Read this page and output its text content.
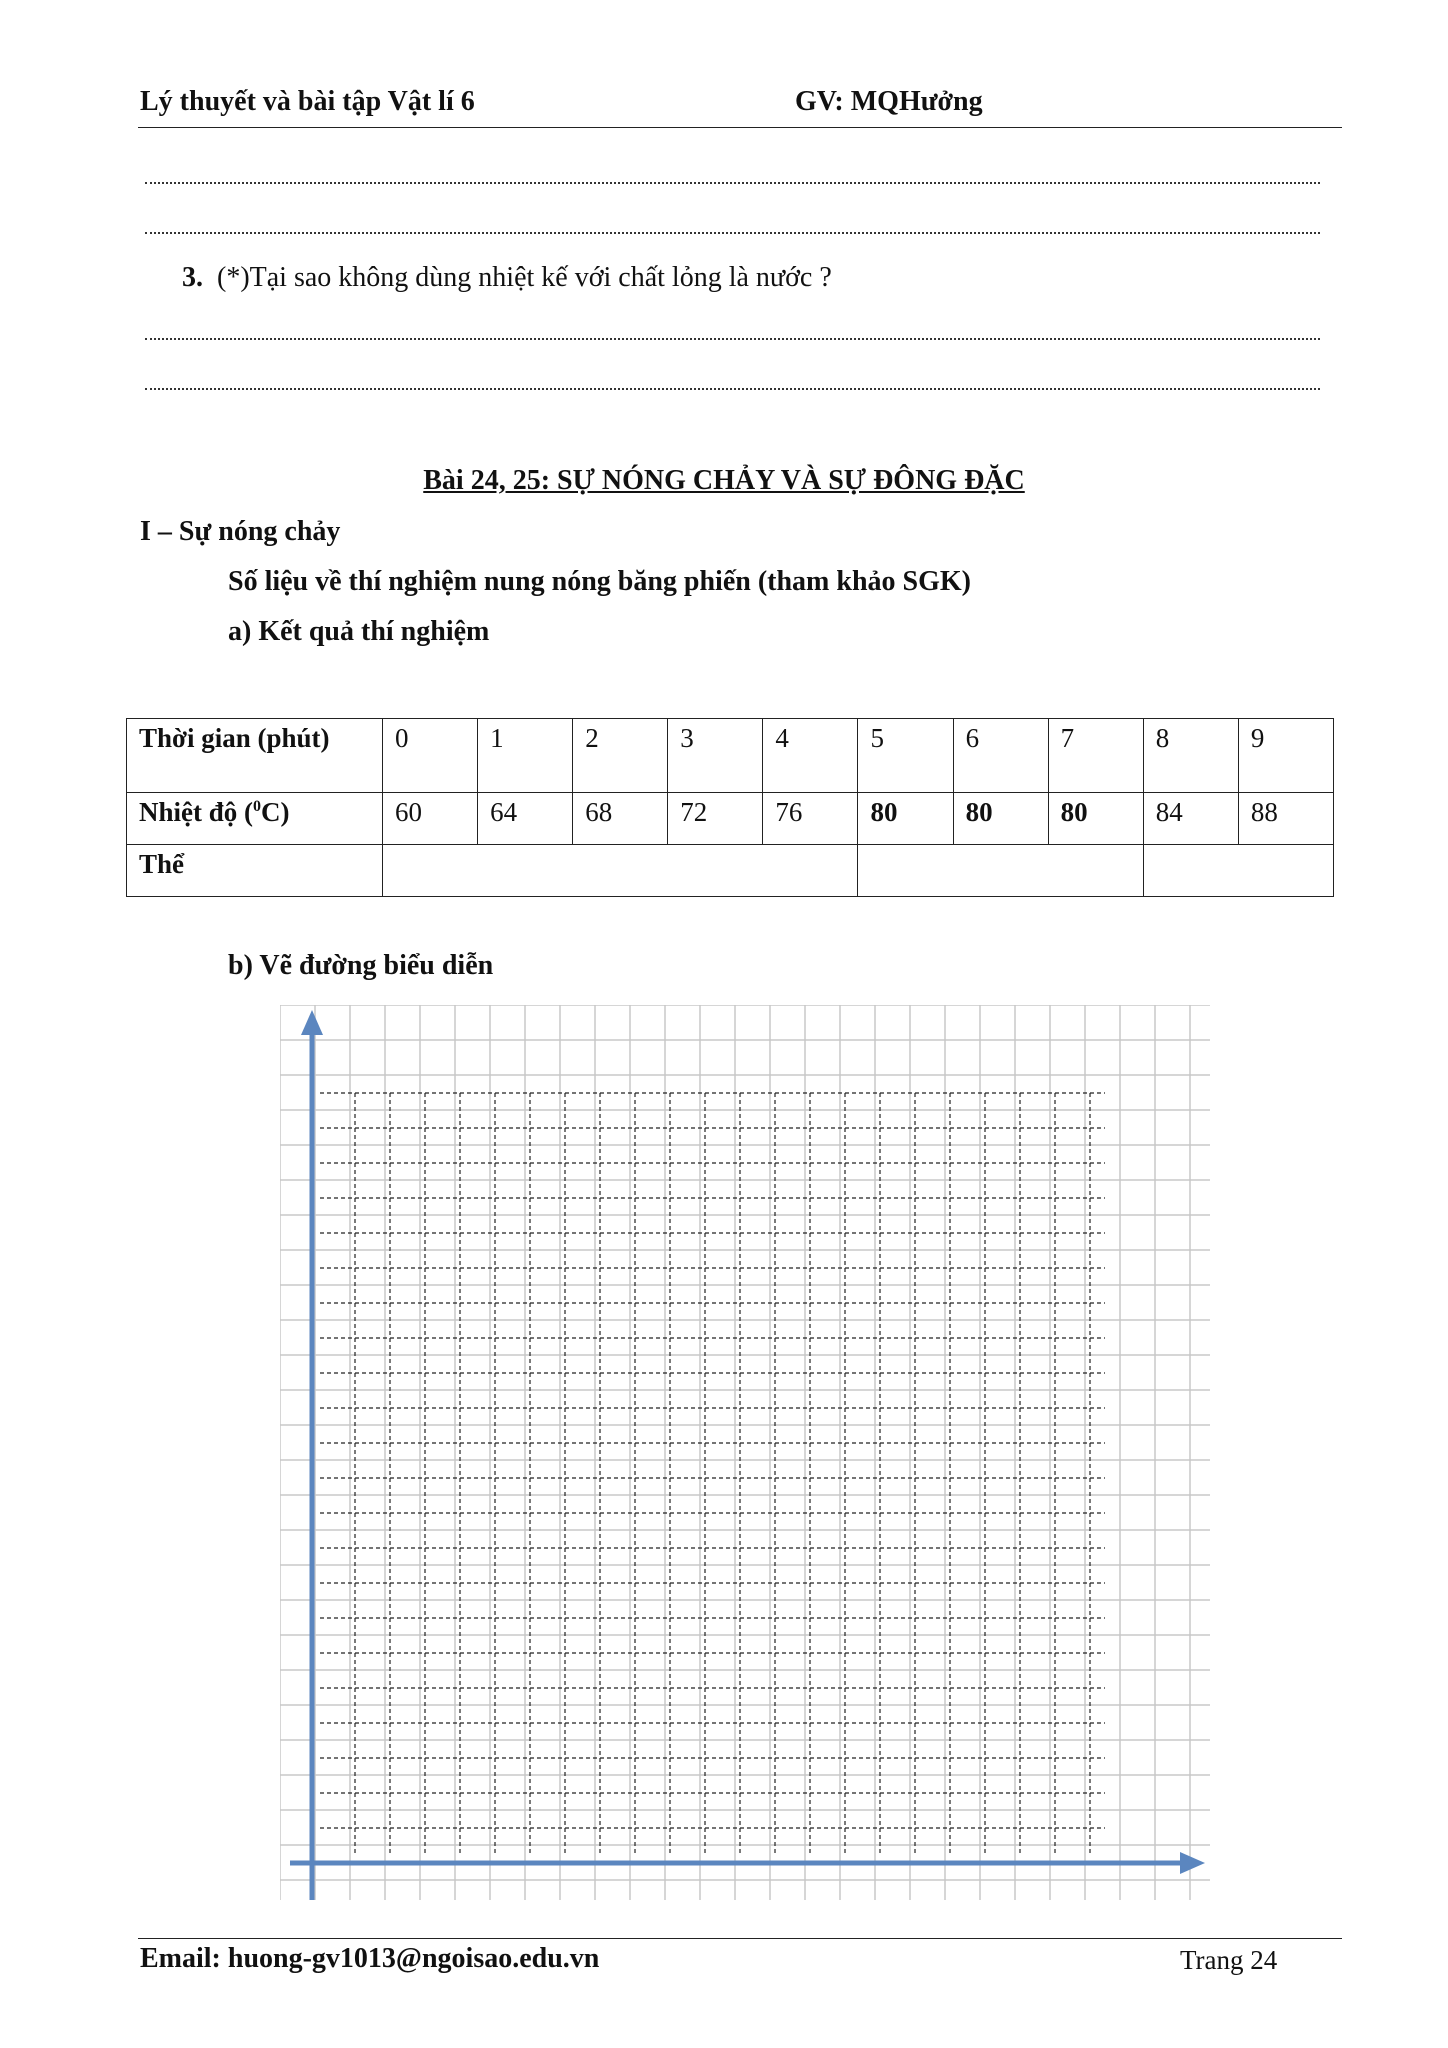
Lý thuyết và bài tập Vật lí 6	GV: MQHưởng
3. (*)Tại sao không dùng nhiệt kế với chất lỏng là nước ?
Bài 24, 25: SỰ NÓNG CHẢY VÀ SỰ ĐÔNG ĐẶC
I – Sự nóng chảy
Số liệu về thí nghiệm nung nóng băng phiến (tham khảo SGK)
a) Kết quả thí nghiệm
Thời gian (phút)	0	1	2	3	4	5	6	7	8	9
Nhiệt độ ($^0$C)	60	64	68	72	76	80	80	80	84	88
Thể										
b) Vẽ đường biểu diễn
Email: huong-gv1013@ngoisao.edu.vn	Trang 24
